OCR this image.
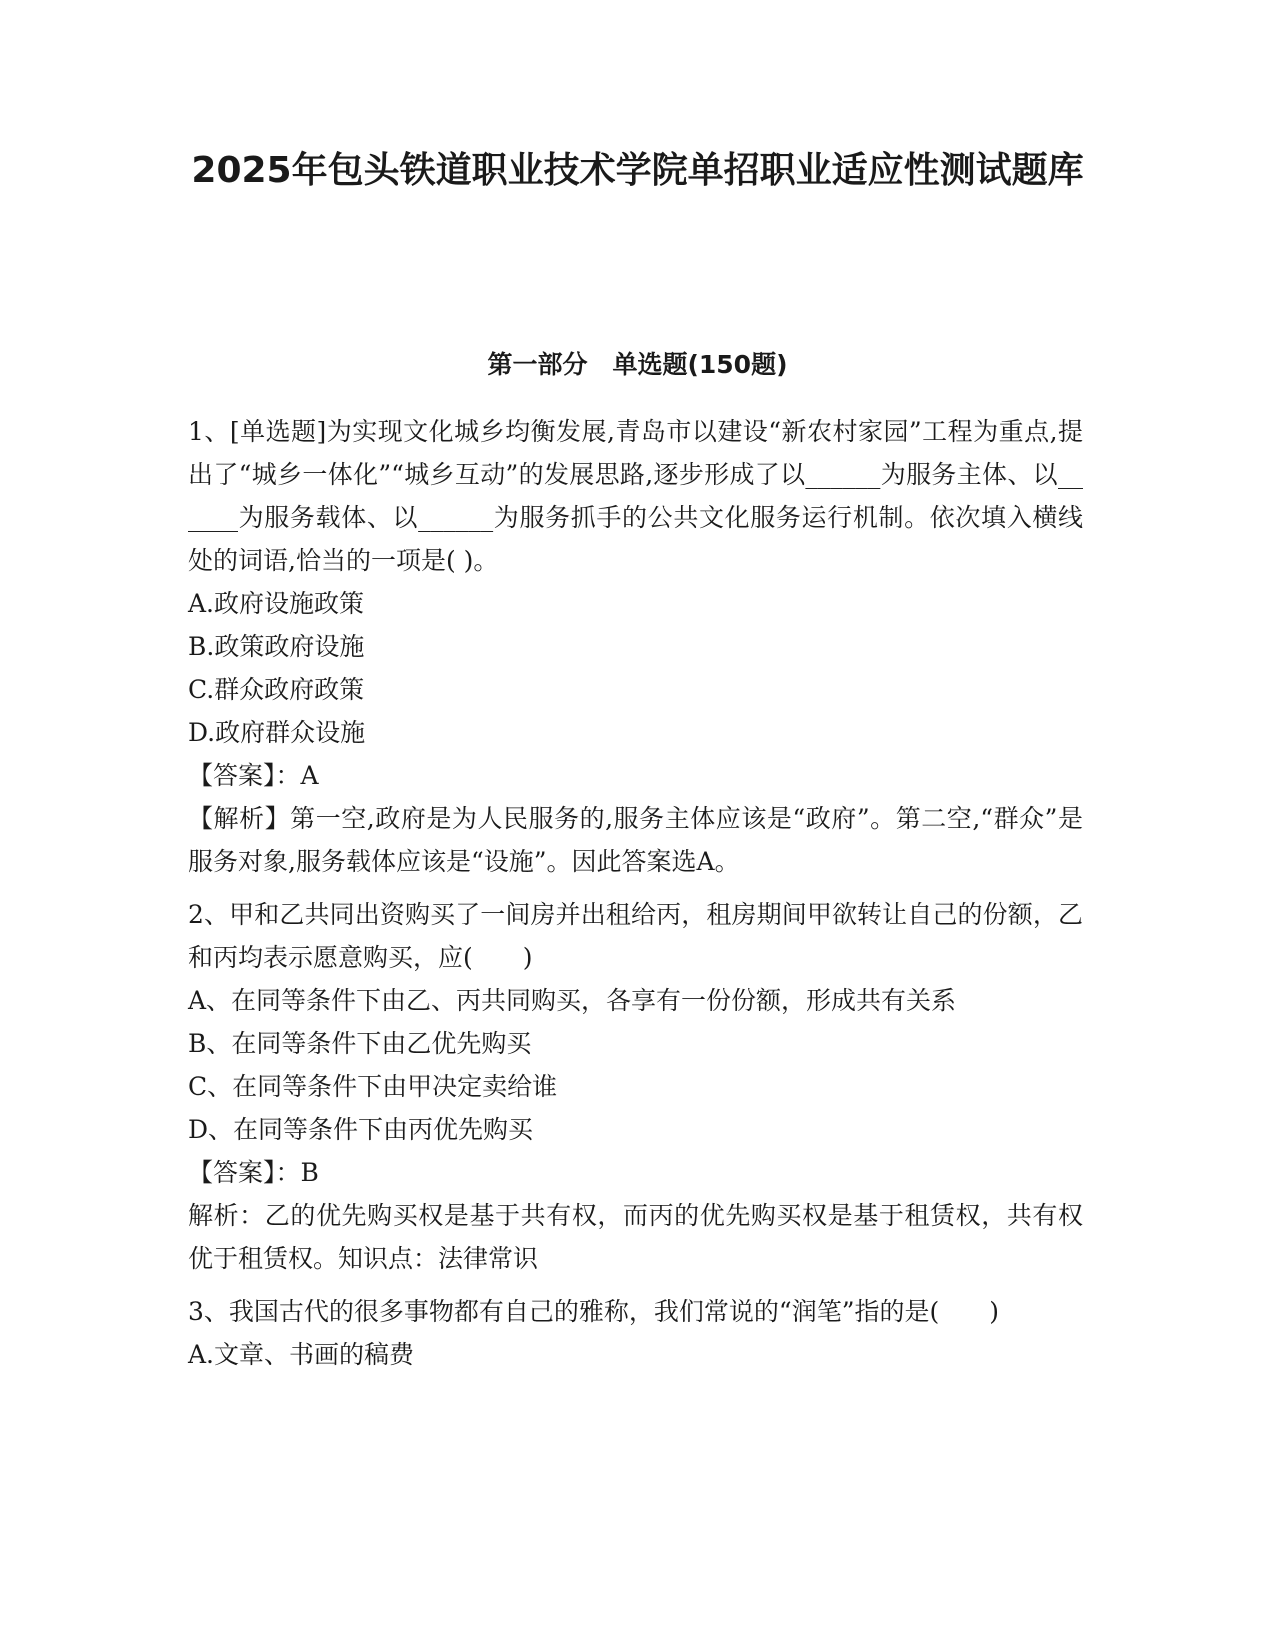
2025年包头铁道职业技术学院单招职业适应性测试题库
第一部分　单选题(150题)
1、[单选题]为实现文化城乡均衡发展,青岛市以建设“新农村家园”工程为重点,提出了“城乡一体化”“城乡互动”的发展思路,逐步形成了以______为服务主体、以______为服务载体、以______为服务抓手的公共文化服务运行机制。依次填入横线处的词语,恰当的一项是( )。
A.政府设施政策
B.政策政府设施
C.群众政府政策
D.政府群众设施
【答案】：A
【解析】第一空,政府是为人民服务的,服务主体应该是“政府”。第二空,“群众”是服务对象,服务载体应该是“设施”。因此答案选A。
2、甲和乙共同出资购买了一间房并出租给丙，租房期间甲欲转让自己的份额，乙和丙均表示愿意购买，应(　　)
A、在同等条件下由乙、丙共同购买，各享有一份份额，形成共有关系
B、在同等条件下由乙优先购买
C、在同等条件下由甲决定卖给谁
D、在同等条件下由丙优先购买
【答案】：B
解析：乙的优先购买权是基于共有权，而丙的优先购买权是基于租赁权，共有权优于租赁权。知识点：法律常识
3、我国古代的很多事物都有自己的雅称，我们常说的“润笔”指的是(　　)
A.文章、书画的稿费
